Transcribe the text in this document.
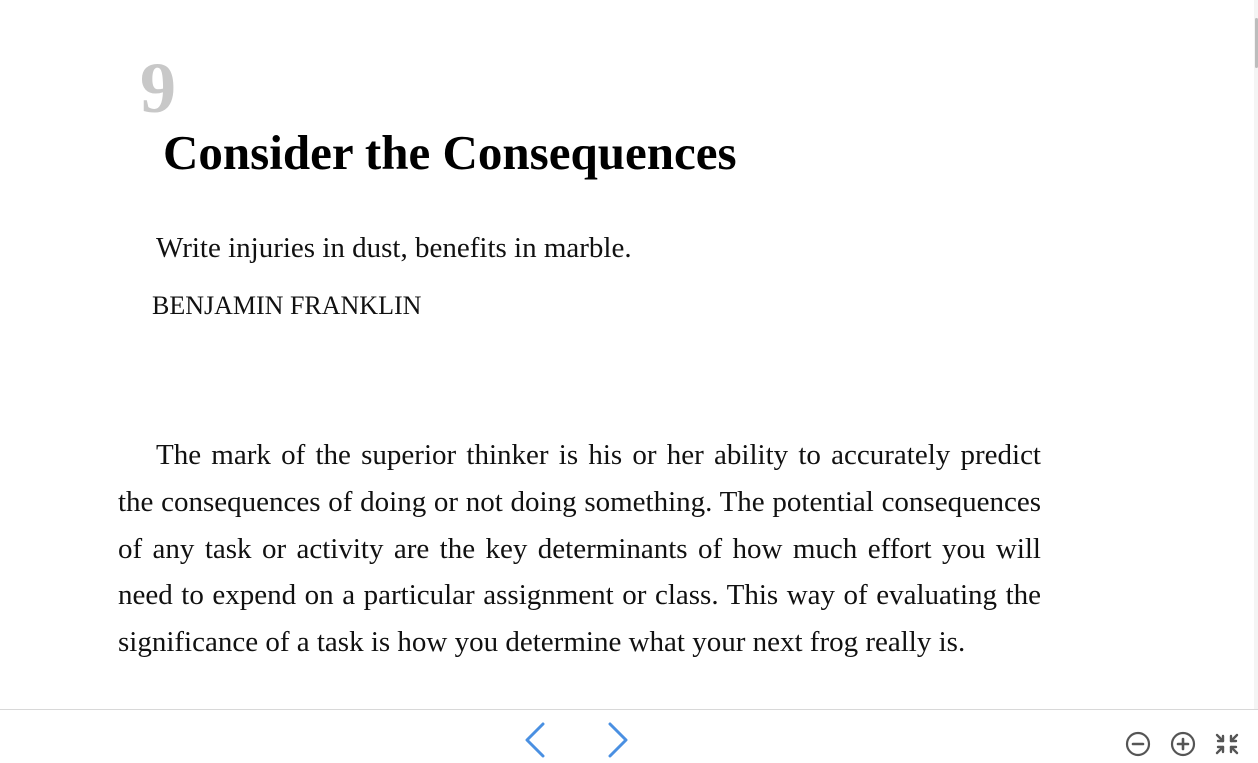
9
Consider the Consequences
Write injuries in dust, benefits in marble.
BENJAMIN FRANKLIN

The mark of the superior thinker is his or her ability to accurately predict the consequences of doing or not doing something. The potential consequences of any task or activity are the key determinants of how much effort you will need to expend on a particular assignment or class. This way of evaluating the significance of a task is how you determine what your next frog really is.
